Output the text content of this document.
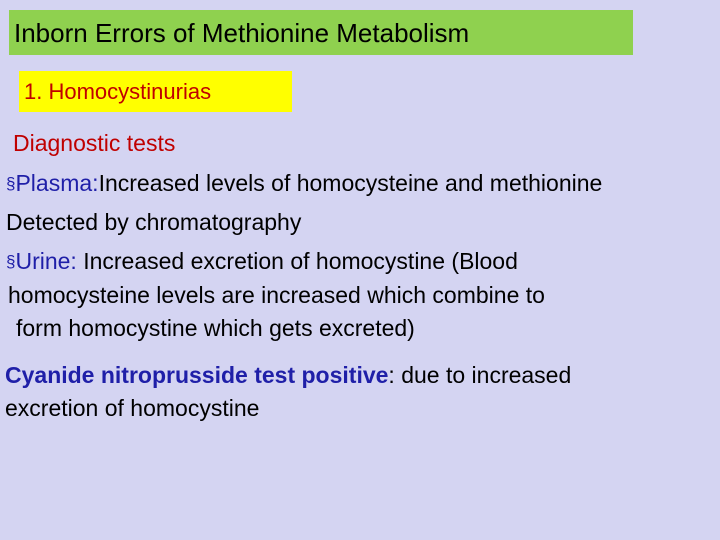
Inborn Errors of Methionine Metabolism
1. Homocystinurias
Diagnostic tests
§Plasma:Increased levels of homocysteine and methionine
Detected by chromatography
§Urine: Increased excretion of homocystine (Blood
homocysteine levels are increased which combine to
form homocystine which gets excreted)
Cyanide nitroprusside test positive: due to increased
excretion of homocystine
